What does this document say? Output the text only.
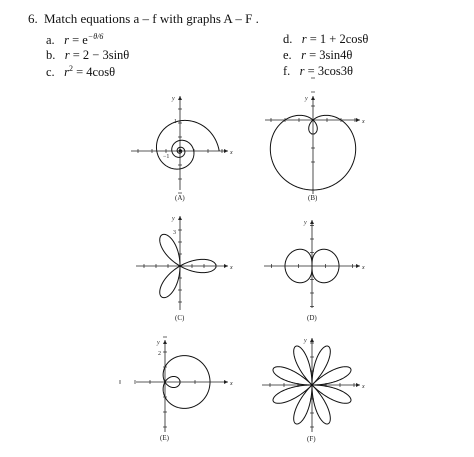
6. Match equations a – f with graphs A – F .
a. $r = e^{-\theta/6}$
b. r = 2 − 3sinθ
c. $r^2 = 4\cos\theta$
d. r = 1 + 2cosθ
e. r = 3sin4θ
f. r = 3cos3θ
x
y
1
−1
(A)
x
y
(B)
x
y
3
(C)
x
y
(D)
x
y
2
(E)
x
y
(F)
